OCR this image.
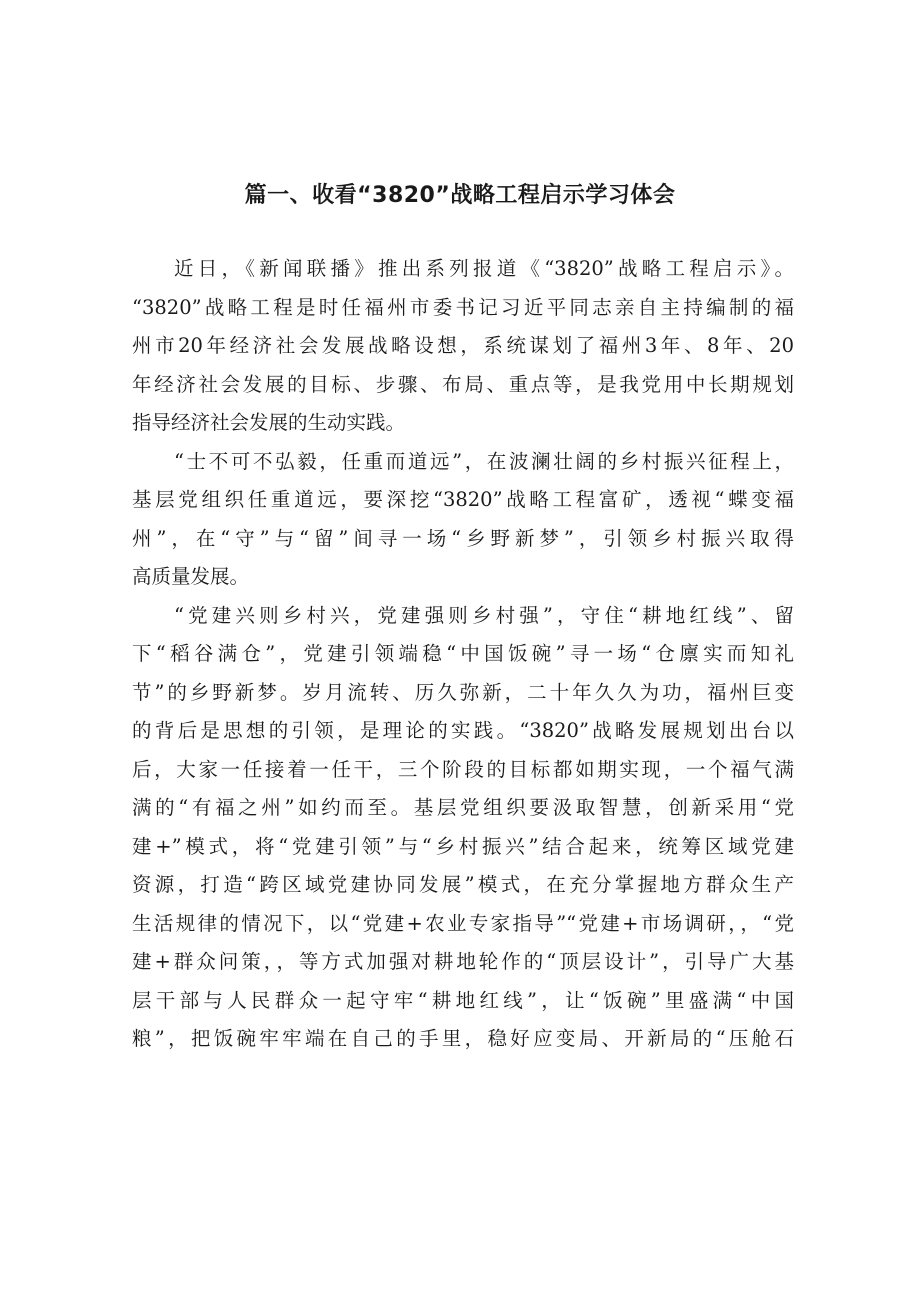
篇一、收看“3820”战略工程启示学习体会
近日，《新闻联播》推出系列报道《“3820”战略工程启示》。
“3820”战略工程是时任福州市委书记习近平同志亲自主持编制的福
州市20年经济社会发展战略设想，系统谋划了福州3年、8年、20
年经济社会发展的目标、步骤、布局、重点等，是我党用中长期规划
指导经济社会发展的生动实践。
“士不可不弘毅，任重而道远”，在波澜壮阔的乡村振兴征程上，
基层党组织任重道远，要深挖“3820”战略工程富矿，透视“蝶变福
州”，在“守”与“留”间寻一场“乡野新梦”，引领乡村振兴取得
高质量发展。
“党建兴则乡村兴，党建强则乡村强”，守住“耕地红线”、留
下“稻谷满仓”，党建引领端稳“中国饭碗”寻一场“仓廪实而知礼
节”的乡野新梦。岁月流转、历久弥新，二十年久久为功，福州巨变
的背后是思想的引领，是理论的实践。“3820”战略发展规划出台以
后，大家一任接着一任干，三个阶段的目标都如期实现，一个福气满
满的“有福之州”如约而至。基层党组织要汲取智慧，创新采用“党
建+”模式，将“党建引领”与“乡村振兴”结合起来，统筹区域党建
资源，打造“跨区域党建协同发展”模式，在充分掌握地方群众生产
生活规律的情况下，以“党建+农业专家指导”“党建+市场调研，，“党
建+群众问策，，等方式加强对耕地轮作的“顶层设计”，引导广大基
层干部与人民群众一起守牢“耕地红线”，让“饭碗”里盛满“中国
粮”，把饭碗牢牢端在自己的手里，稳好应变局、开新局的“压舱石
